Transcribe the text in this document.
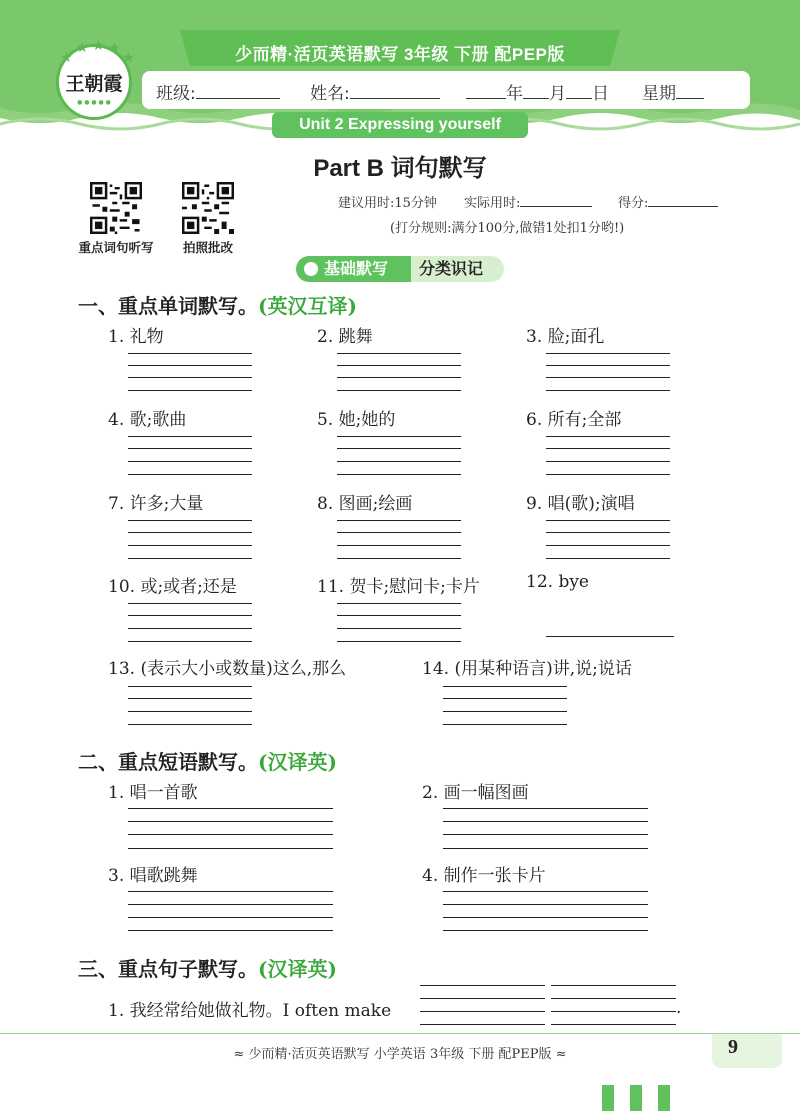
少而精·活页英语默写 3年级 下册 配PEP版
王朝霞
● ● ● ● ●
★
★ ★ ★
★
班级:	姓名:	年 月 日 星期
Unit 2 Expressing yourself
Part B 词句默写
重点词句听写	拍照批改
建议用时:15分钟 实际用时:	得分:
(打分规则:满分100分,做错1处扣1分哟!)
基础默写	分类识记
一、重点单词默写。(英汉互译)
1. 礼物	2. 跳舞	3. 脸;面孔
4. 歌;歌曲	5. 她;她的	6. 所有;全部
7. 许多;大量	8. 图画;绘画	9. 唱(歌);演唱
10. 或;或者;还是	11. 贺卡;慰问卡;卡片	12. bye
13. (表示大小或数量)这么,那么	14. (用某种语言)讲,说;说话
二、重点短语默写。(汉译英)
1. 唱一首歌	2. 画一幅图画
3. 唱歌跳舞	4. 制作一张卡片
三、重点句子默写。(汉译英)
1. 我经常给她做礼物。I often make	.
≈ 少而精·活页英语默写 小学英语 3年级 下册 配PEP版 ≈	9
